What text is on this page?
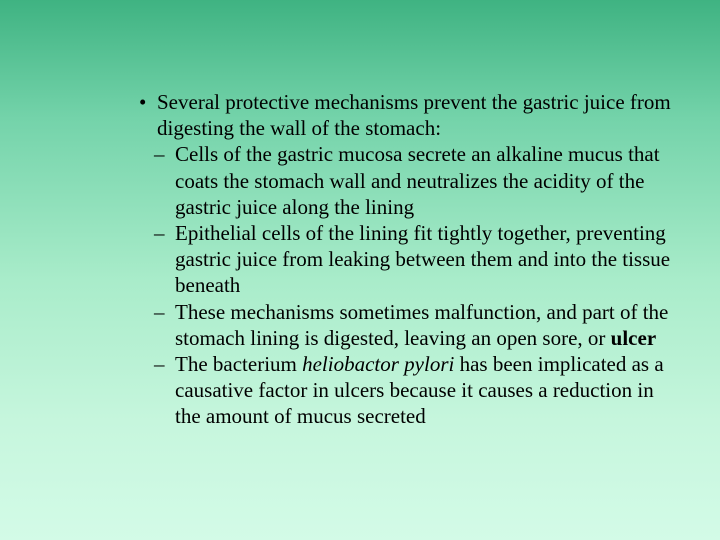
• Several protective mechanisms prevent the gastric juice from digesting the wall of the stomach:
– Cells of the gastric mucosa secrete an alkaline mucus that coats the stomach wall and neutralizes the acidity of the gastric juice along the lining
– Epithelial cells of the lining fit tightly together, preventing gastric juice from leaking between them and into the tissue beneath
– These mechanisms sometimes malfunction, and part of the stomach lining is digested, leaving an open sore, or ulcer
– The bacterium heliobactor pylori has been implicated as a causative factor in ulcers because it causes a reduction in the amount of mucus secreted
